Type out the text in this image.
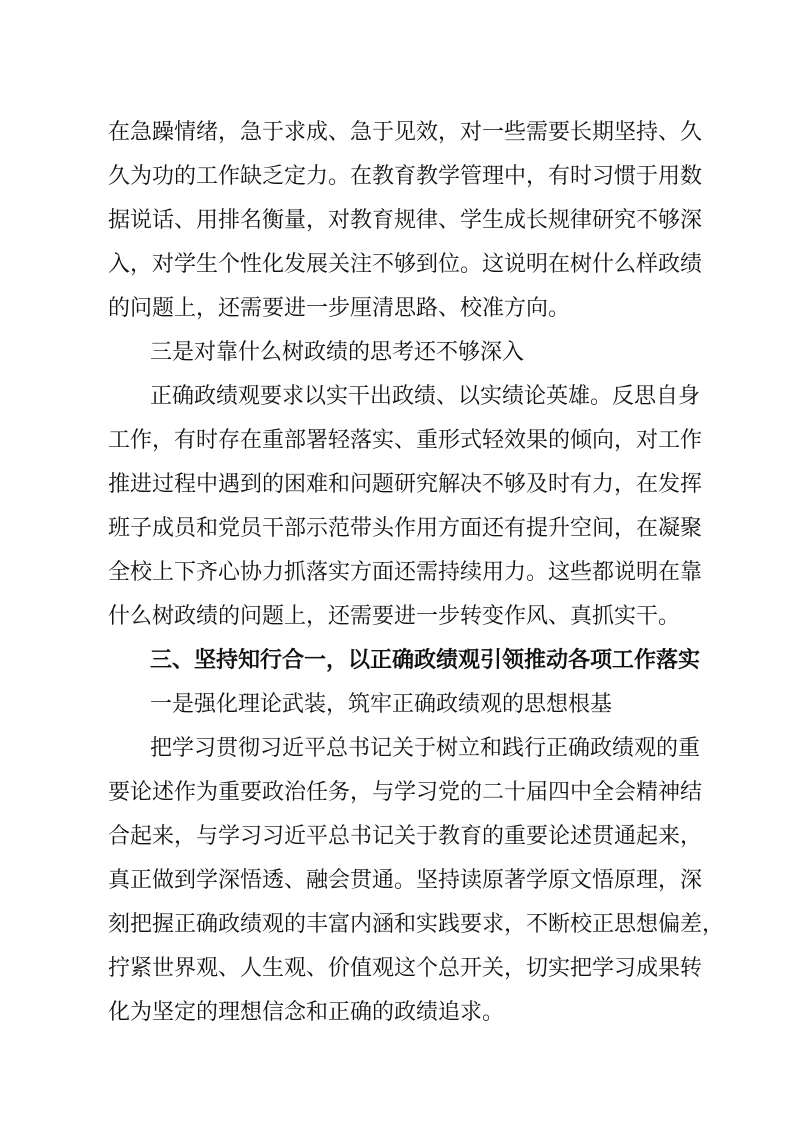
在急躁情绪，急于求成、急于见效，对一些需要长期坚持、久
久为功的工作缺乏定力。在教育教学管理中，有时习惯于用数
据说话、用排名衡量，对教育规律、学生成长规律研究不够深
入，对学生个性化发展关注不够到位。这说明在树什么样政绩
的问题上，还需要进一步厘清思路、校准方向。
三是对靠什么树政绩的思考还不够深入
正确政绩观要求以实干出政绩、以实绩论英雄。反思自身
工作，有时存在重部署轻落实、重形式轻效果的倾向，对工作
推进过程中遇到的困难和问题研究解决不够及时有力，在发挥
班子成员和党员干部示范带头作用方面还有提升空间，在凝聚
全校上下齐心协力抓落实方面还需持续用力。这些都说明在靠
什么树政绩的问题上，还需要进一步转变作风、真抓实干。
三、坚持知行合一，以正确政绩观引领推动各项工作落实
一是强化理论武装，筑牢正确政绩观的思想根基
把学习贯彻习近平总书记关于树立和践行正确政绩观的重
要论述作为重要政治任务，与学习党的二十届四中全会精神结
合起来，与学习习近平总书记关于教育的重要论述贯通起来，
真正做到学深悟透、融会贯通。坚持读原著学原文悟原理，深
刻把握正确政绩观的丰富内涵和实践要求，不断校正思想偏差，
拧紧世界观、人生观、价值观这个总开关，切实把学习成果转
化为坚定的理想信念和正确的政绩追求。
